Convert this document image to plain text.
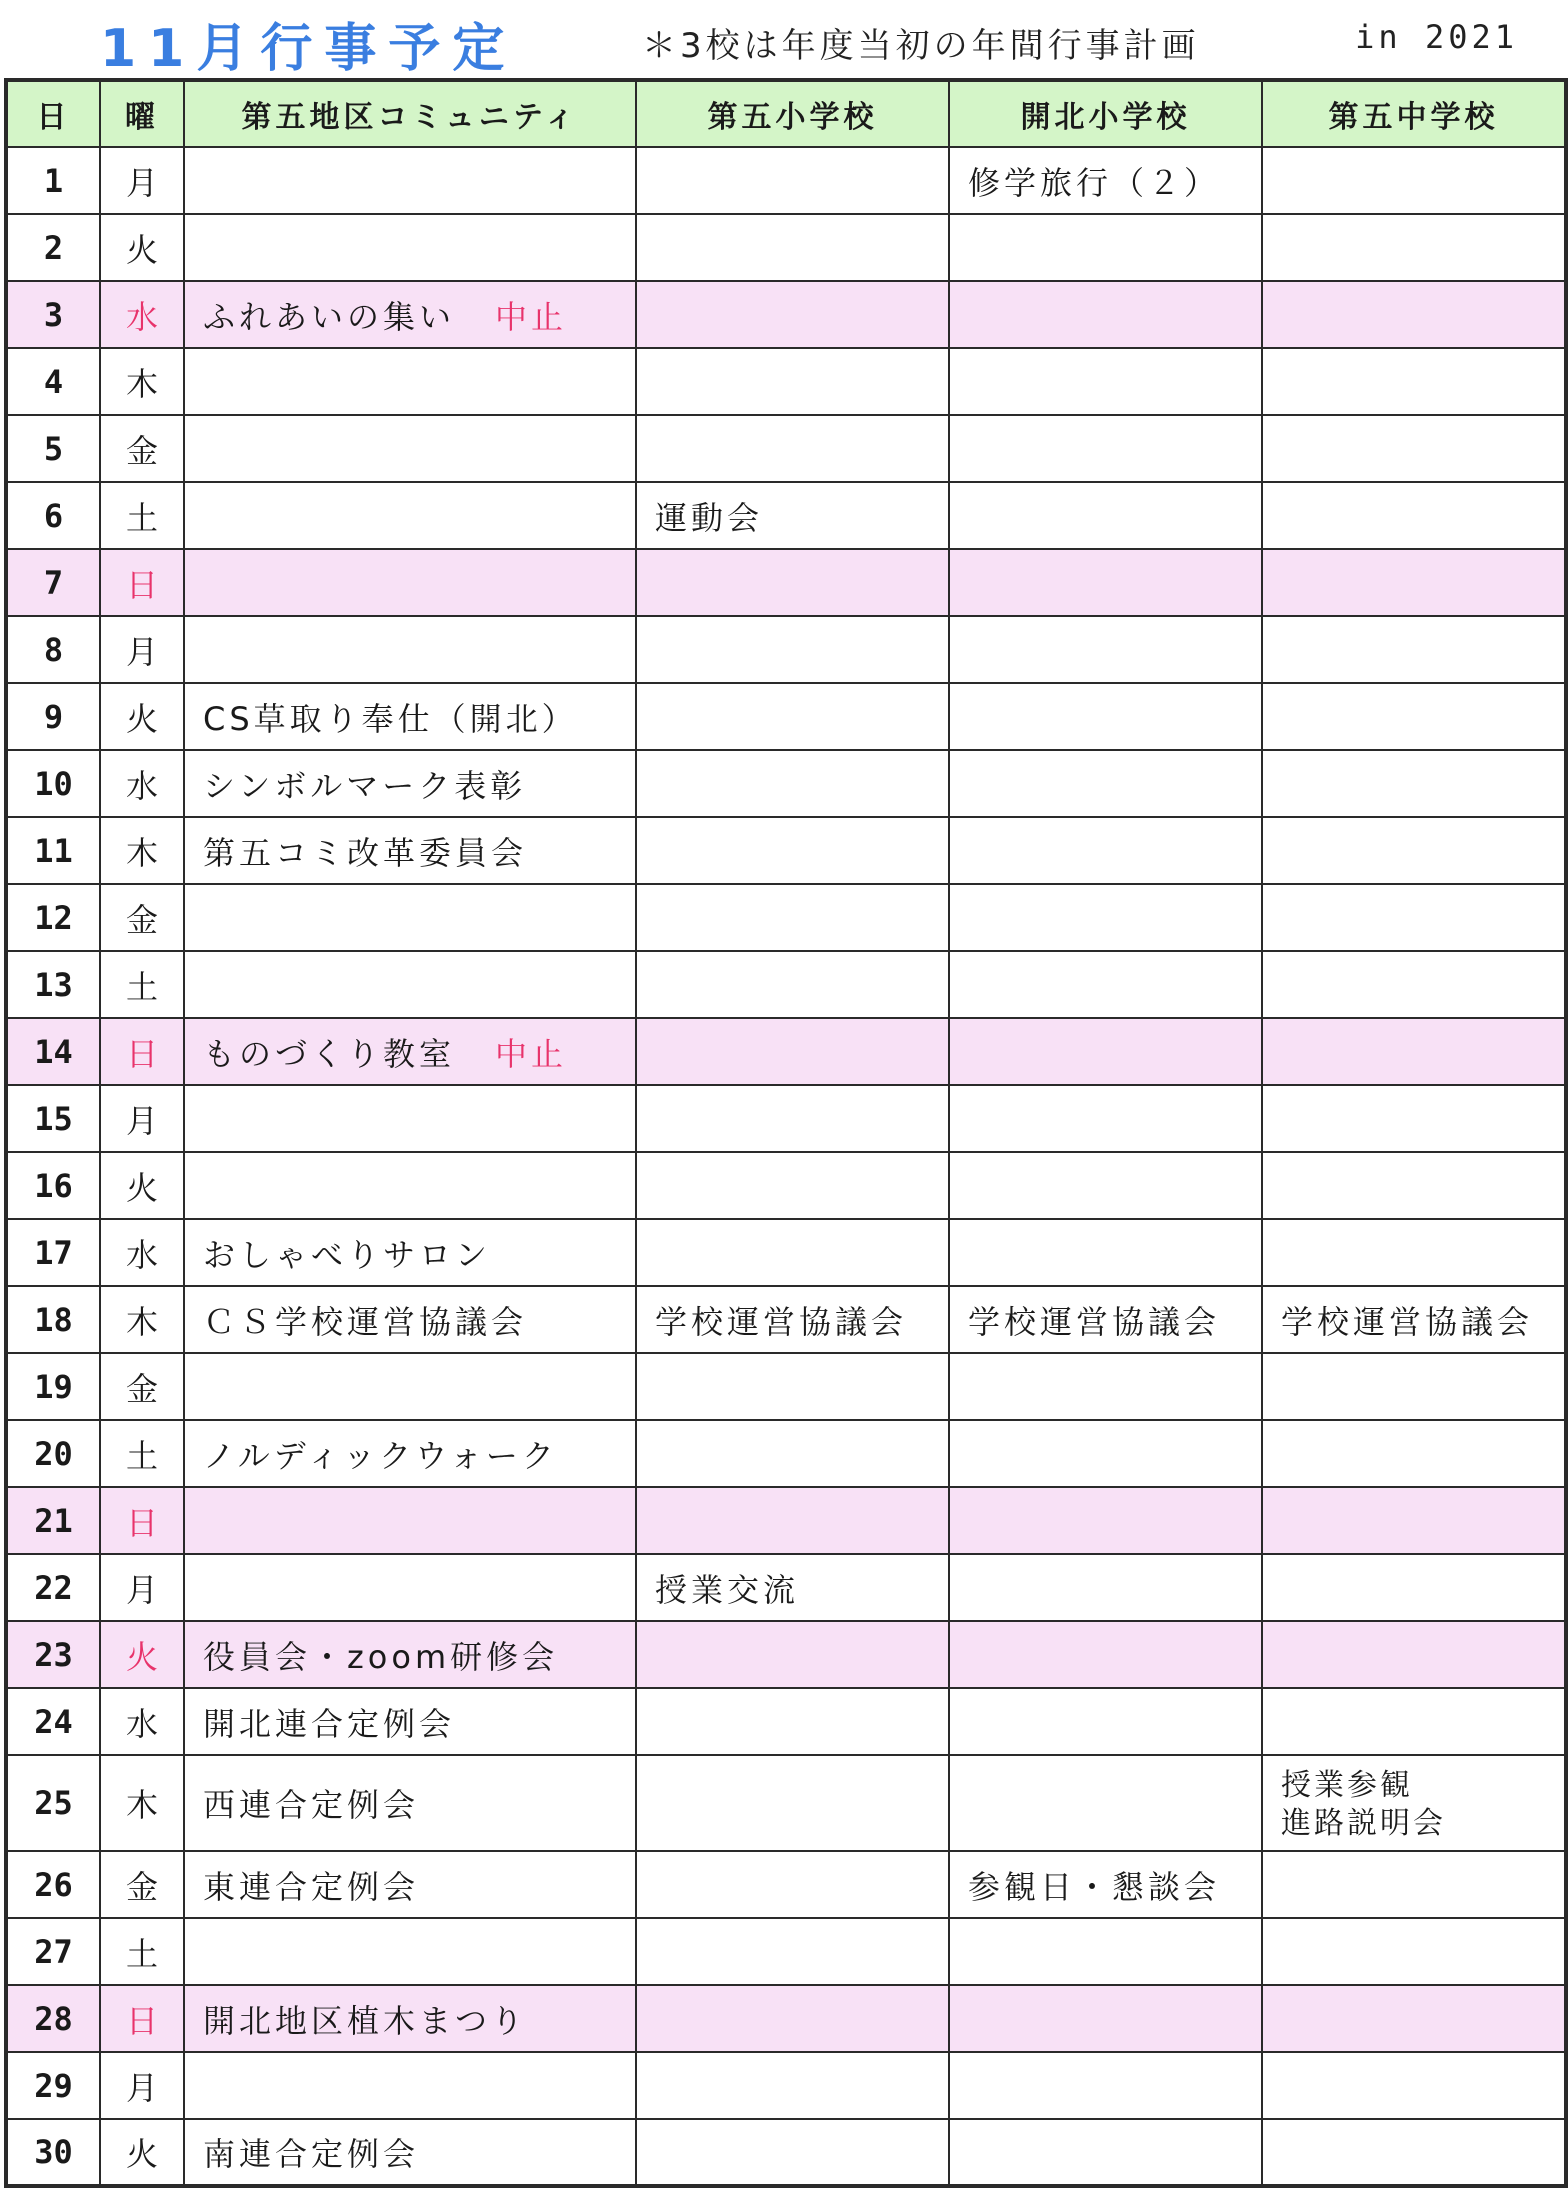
11月行事予定	＊3校は年度当初の年間行事計画	in 2021
日	曜	第五地区コミュニティ	第五小学校	開北小学校	第五中学校
1	月			修学旅行（２）	
2	火				
3	水	ふれあいの集い 中止			
4	木				
5	金				
6	土		運動会		
7	日				
8	月				
9	火	CS草取り奉仕（開北）			
10	水	シンボルマーク表彰			
11	木	第五コミ改革委員会			
12	金				
13	土				
14	日	ものづくり教室 中止			
15	月				
16	火				
17	水	おしゃべりサロン			
18	木	ＣＳ学校運営協議会	学校運営協議会	学校運営協議会	学校運営協議会
19	金				
20	土	ノルディックウォーク			
21	日				
22	月		授業交流		
23	火	役員会・zoom研修会			
24	水	開北連合定例会			
25	木	西連合定例会			授業参観
進路説明会
26	金	東連合定例会		参観日・懇談会	
27	土				
28	日	開北地区植木まつり			
29	月				
30	火	南連合定例会			
